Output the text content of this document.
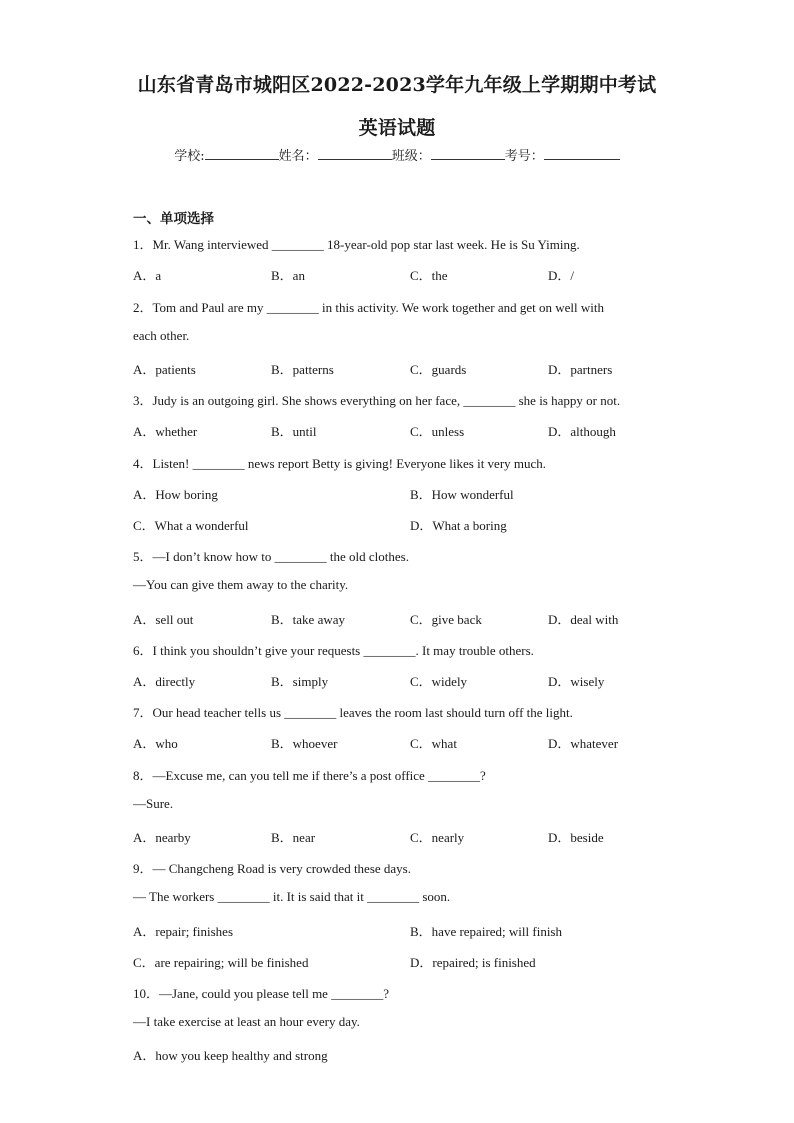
山东省青岛市城阳区2022-2023学年九年级上学期期中考试
英语试题
学校:	姓名：	班级：	考号：
一、单项选择
1．Mr. Wang interviewed ________ 18-year-old pop star last week. He is Su Yiming.
A．a	B．an	C．the	D．/
2．Tom and Paul are my ________ in this activity. We work together and get on well with
each other.
A．patients	B．patterns	C．guards	D．partners
3．Judy is an outgoing girl. She shows everything on her face, ________ she is happy or not.
A．whether	B．until	C．unless	D．although
4．Listen! ________ news report Betty is giving! Everyone likes it very much.
A．How boring	B．How wonderful
C．What a wonderful	D．What a boring
5．—I don’t know how to ________ the old clothes.
—You can give them away to the charity.
A．sell out	B．take away	C．give back	D．deal with
6．I think you shouldn’t give your requests ________. It may trouble others.
A．directly	B．simply	C．widely	D．wisely
7．Our head teacher tells us ________ leaves the room last should turn off the light.
A．who	B．whoever	C．what	D．whatever
8．—Excuse me, can you tell me if there’s a post office ________?
—Sure.
A．nearby	B．near	C．nearly	D．beside
9．— Changcheng Road is very crowded these days.
— The workers ________ it. It is said that it ________ soon.
A．repair; finishes	B．have repaired; will finish
C．are repairing; will be finished	D．repaired; is finished
10．—Jane, could you please tell me ________?
—I take exercise at least an hour every day.
A．how you keep healthy and strong
